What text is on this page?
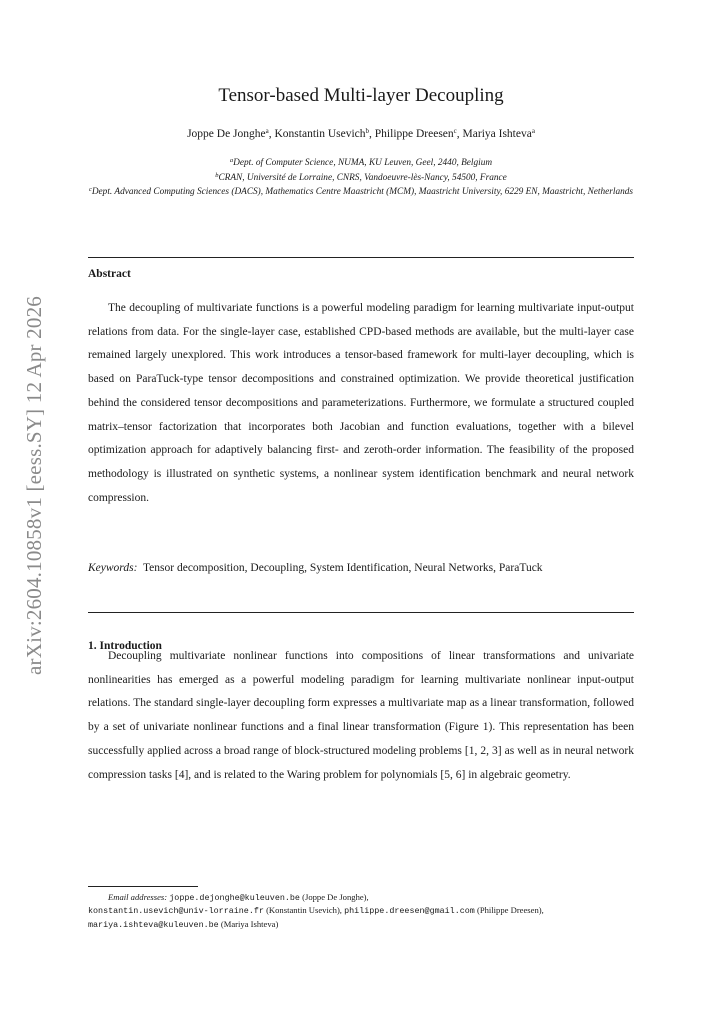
arXiv:2604.10858v1 [eess.SY] 12 Apr 2026
Tensor-based Multi-layer Decoupling
Joppe De Jonghe$^a$, Konstantin Usevich$^b$, Philippe Dreesen$^c$, Mariya Ishteva$^a$
$^a$Dept. of Computer Science, NUMA, KU Leuven, Geel, 2440, Belgium
$^b$CRAN, Université de Lorraine, CNRS, Vandoeuvre-lès-Nancy, 54500, France
$^c$Dept. Advanced Computing Sciences (DACS), Mathematics Centre Maastricht (MCM), Maastricht University, 6229 EN, Maastricht, Netherlands
Abstract

The decoupling of multivariate functions is a powerful modeling paradigm for learning multivariate input-output relations from data. For the single-layer case, established CPD-based methods are available, but the multi-layer case remained largely unexplored. This work introduces a tensor-based framework for multi-layer decoupling, which is based on ParaTuck-type tensor decompositions and constrained optimization. We provide theoretical justification behind the considered tensor decompositions and parameterizations. Furthermore, we formulate a structured coupled matrix–tensor factorization that incorporates both Jacobian and function evaluations, together with a bilevel optimization approach for adaptively balancing first- and zeroth-order information. The feasibility of the proposed methodology is illustrated on synthetic systems, a nonlinear system identification benchmark and neural network compression.

Keywords: Tensor decomposition, Decoupling, System Identification, Neural Networks, ParaTuck

1. Introduction

Decoupling multivariate nonlinear functions into compositions of linear transformations and univariate nonlinearities has emerged as a powerful modeling paradigm for learning multivariate nonlinear input-output relations. The standard single-layer decoupling form expresses a multivariate map as a linear transformation, followed by a set of univariate nonlinear functions and a final linear transformation (Figure 1). This representation has been successfully applied across a broad range of block-structured modeling problems [1, 2, 3] as well as in neural network compression tasks [4], and is related to the Waring problem for polynomials [5, 6] in algebraic geometry.

Email addresses: joppe.dejonghe@kuleuven.be (Joppe De Jonghe),
konstantin.usevich@univ-lorraine.fr (Konstantin Usevich), philippe.dreesen@gmail.com (Philippe Dreesen), mariya.ishteva@kuleuven.be (Mariya Ishteva)
